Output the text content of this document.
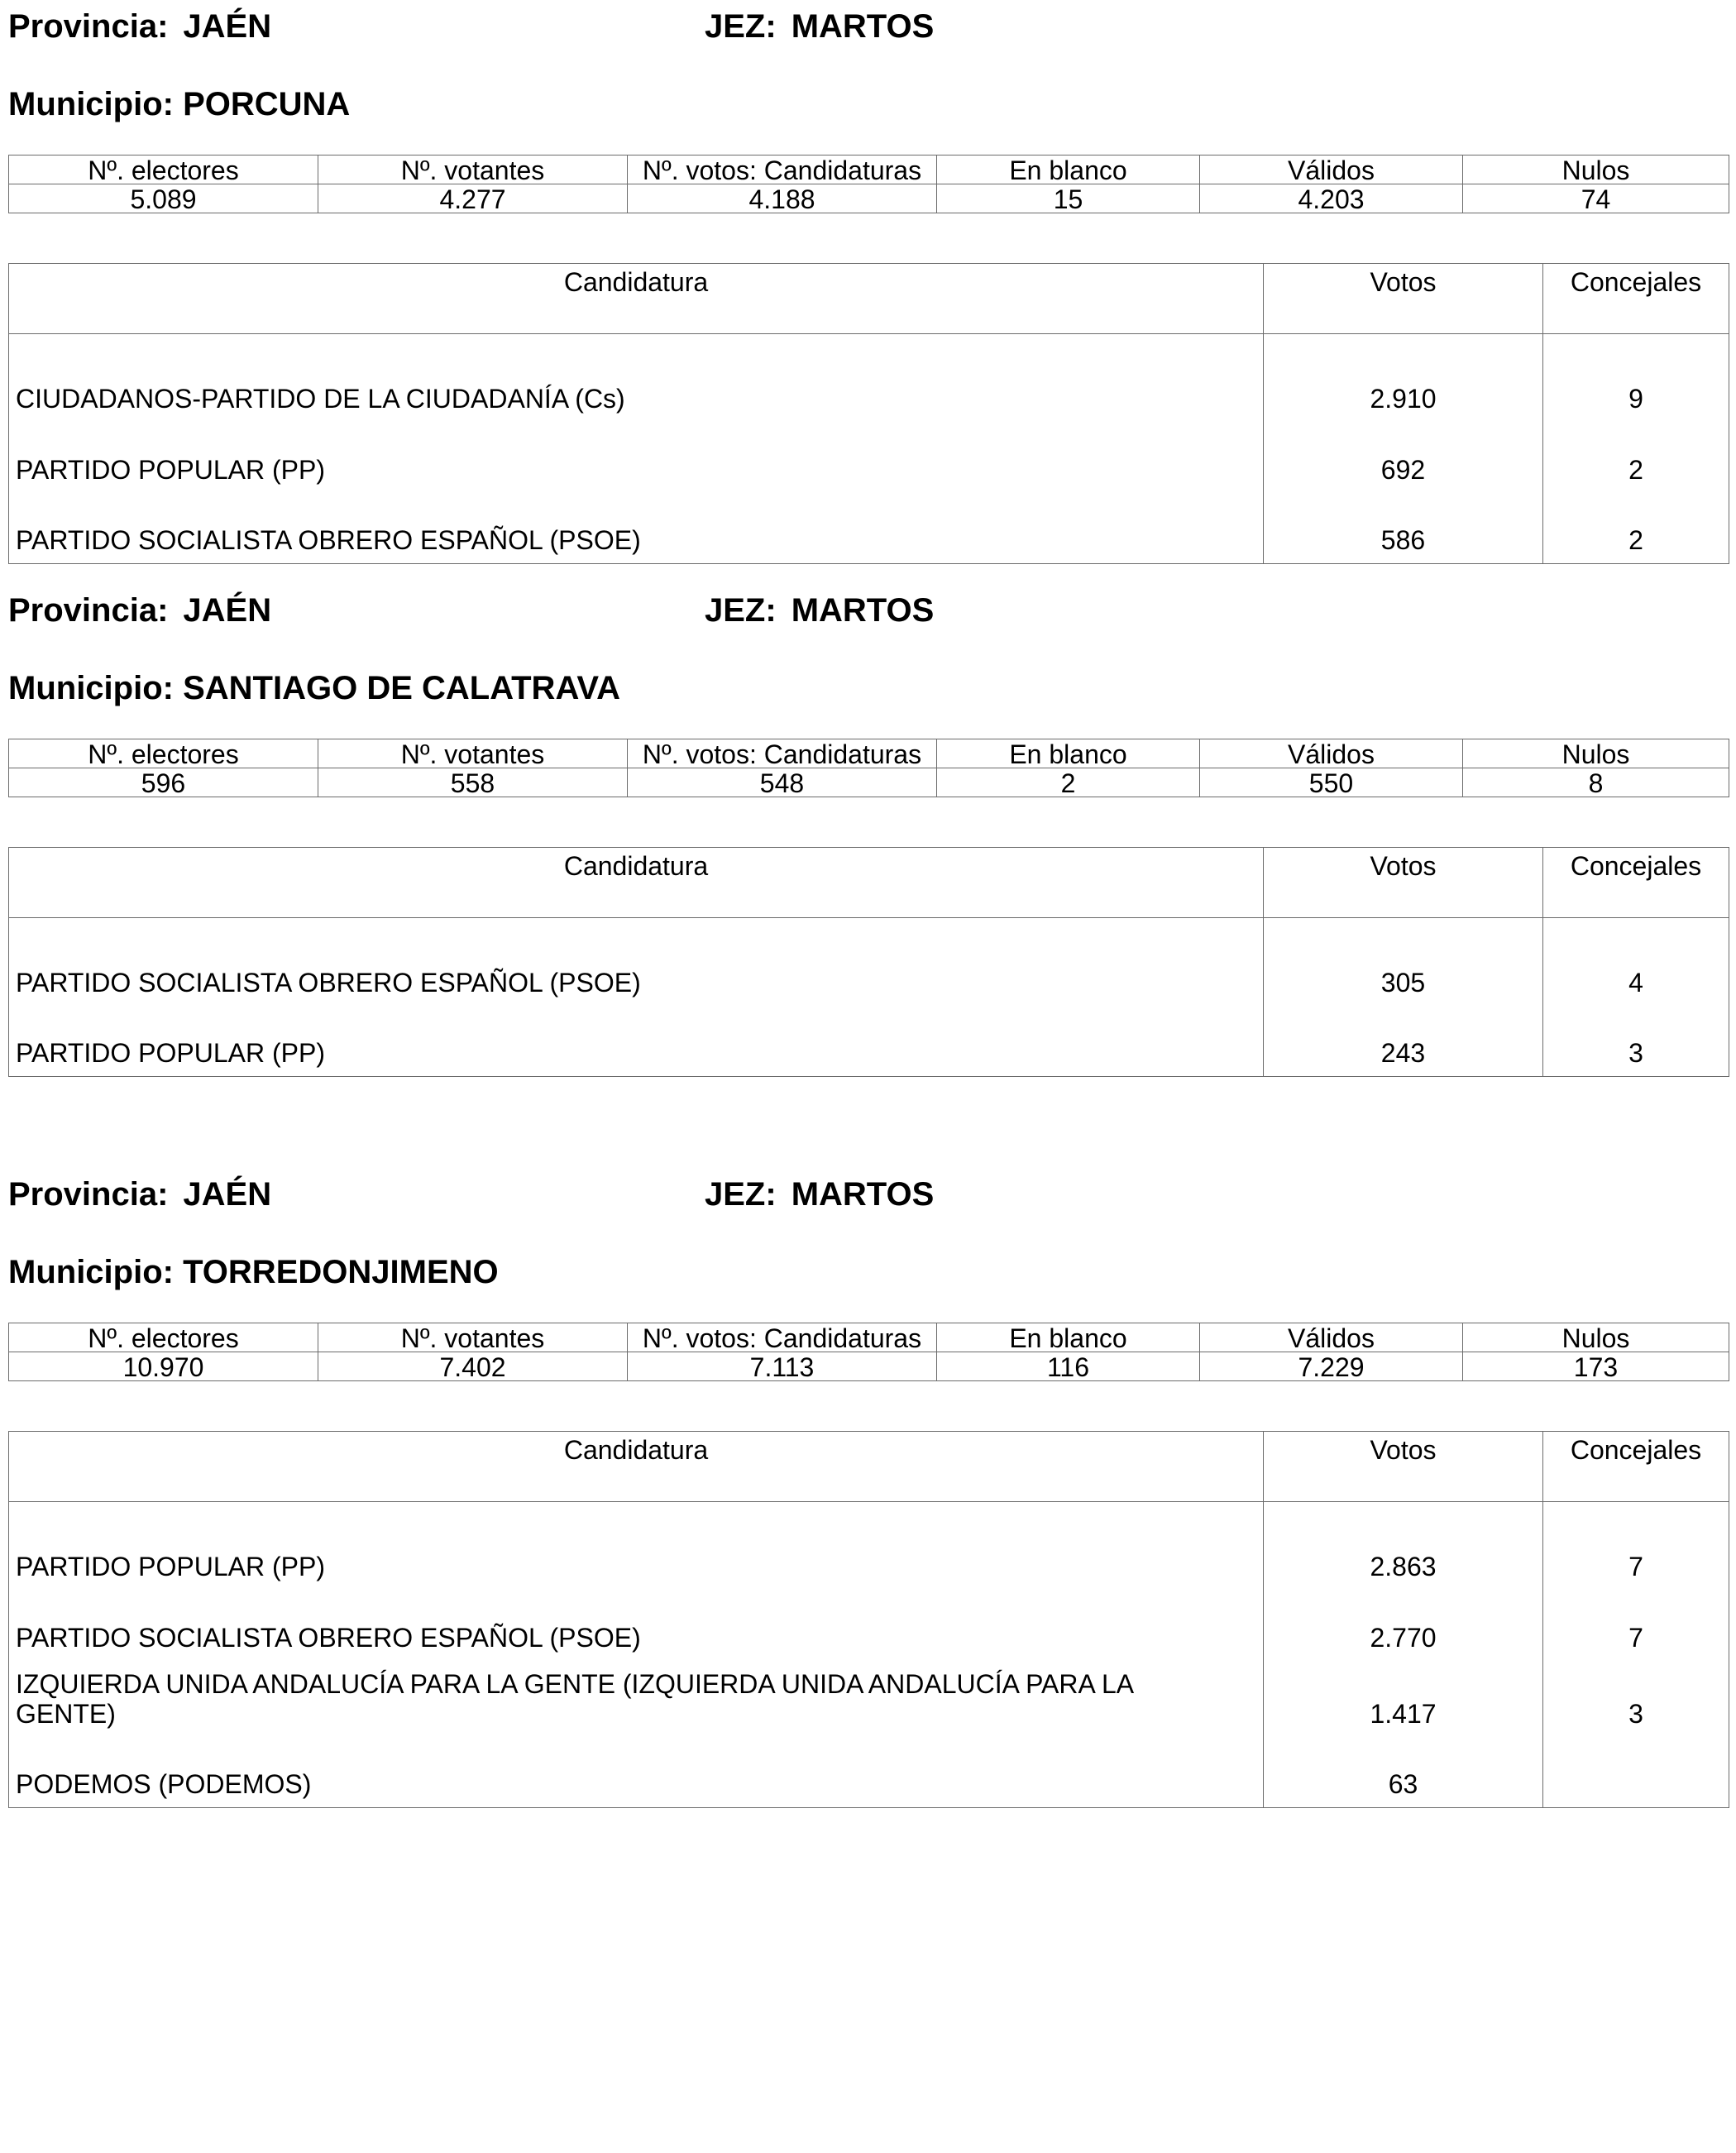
Provincia: JAÉN	JEZ: MARTOS
Municipio: PORCUNA
Nº. electores	Nº. votantes	Nº. votos: Candidaturas	En blanco	Válidos	Nulos
5.089	4.277	4.188	15	4.203	74
Candidatura	Votos	Concejales
CIUDADANOS-PARTIDO DE LA CIUDADANÍA (Cs)	2.910	9
PARTIDO POPULAR (PP)	692	2
PARTIDO SOCIALISTA OBRERO ESPAÑOL (PSOE)	586	2
Provincia: JAÉN	JEZ: MARTOS
Municipio: SANTIAGO DE CALATRAVA
Nº. electores	Nº. votantes	Nº. votos: Candidaturas	En blanco	Válidos	Nulos
596	558	548	2	550	8
Candidatura	Votos	Concejales
PARTIDO SOCIALISTA OBRERO ESPAÑOL (PSOE)	305	4
PARTIDO POPULAR (PP)	243	3
Provincia: JAÉN	JEZ: MARTOS
Municipio: TORREDONJIMENO
Nº. electores	Nº. votantes	Nº. votos: Candidaturas	En blanco	Válidos	Nulos
10.970	7.402	7.113	116	7.229	173
Candidatura	Votos	Concejales
PARTIDO POPULAR (PP)	2.863	7
PARTIDO SOCIALISTA OBRERO ESPAÑOL (PSOE)	2.770	7
IZQUIERDA UNIDA ANDALUCÍA PARA LA GENTE (IZQUIERDA UNIDA ANDALUCÍA PARA LA GENTE)	1.417	3
PODEMOS (PODEMOS)	63	
